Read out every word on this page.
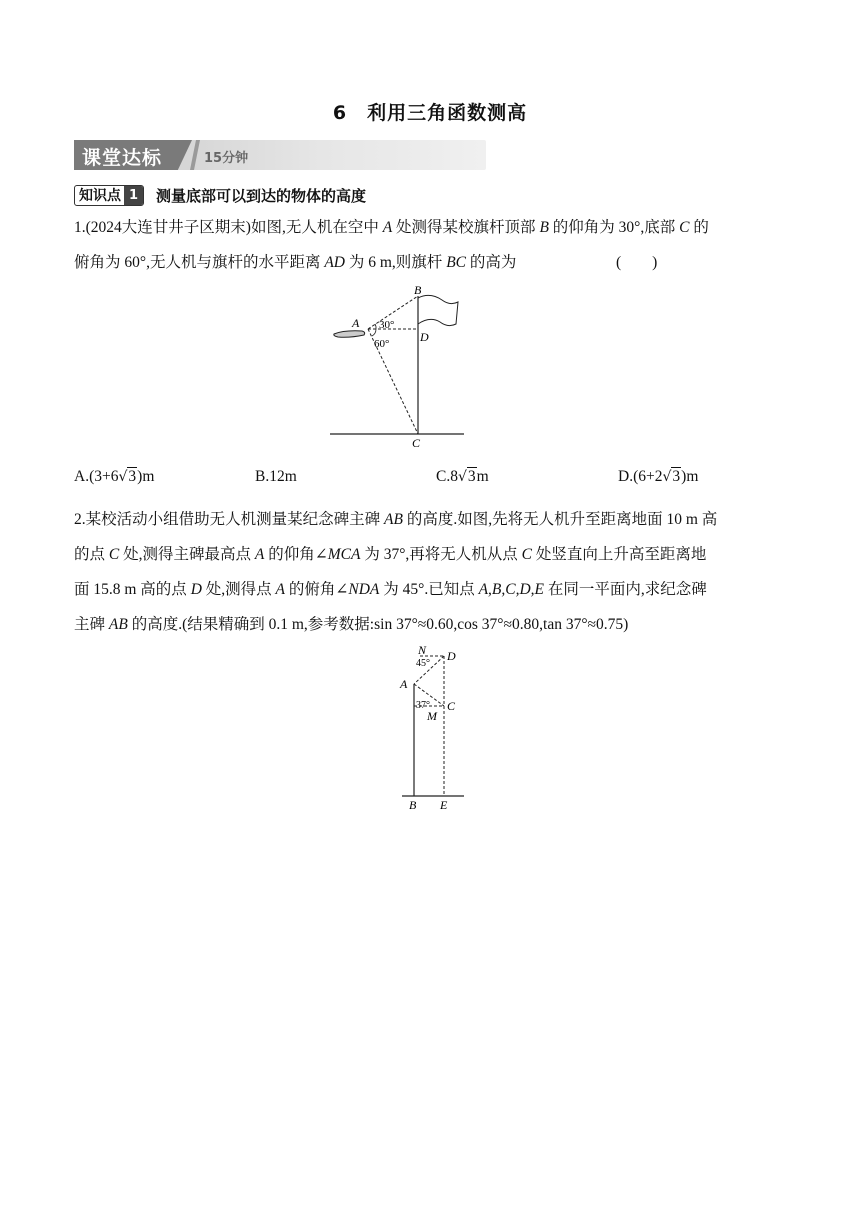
6　利用三角函数测高
课堂达标	15分钟
知识点 1	测量底部可以到达的物体的高度
1.(2024大连甘井子区期末)如图,无人机在空中 A 处测得某校旗杆顶部 B 的仰角为 30°,底部 C 的
俯角为 60°,无人机与旗杆的水平距离 AD 为 6 m,则旗杆 BC 的高为	(　　)
B
A
D
C
30°
60°
A.(3+6√3)m	B.12m	C.8√3m	D.(6+2√3)m
2.某校活动小组借助无人机测量某纪念碑主碑 AB 的高度.如图,先将无人机升至距离地面 10 m 高
的点 C 处,测得主碑最高点 A 的仰角∠MCA 为 37°,再将无人机从点 C 处竖直向上升高至距离地
面 15.8 m 高的点 D 处,测得点 A 的俯角∠NDA 为 45°.已知点 A,B,C,D,E 在同一平面内,求纪念碑
主碑 AB 的高度.(结果精确到 0.1 m,参考数据:sin 37°≈0.60,cos 37°≈0.80,tan 37°≈0.75)
N D
45°
A
37° C
M
B E
